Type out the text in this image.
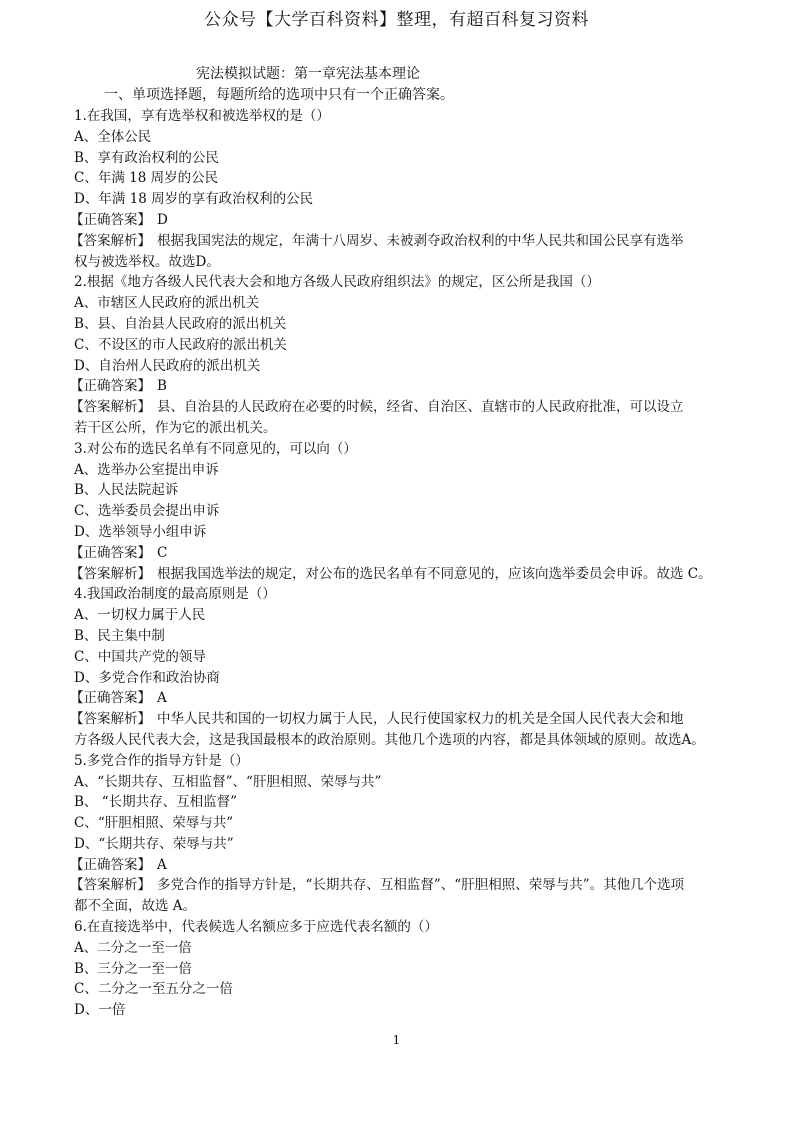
公众号【大学百科资料】整理，有超百科复习资料
宪法模拟试题：第一章宪法基本理论
一、单项选择题，每题所给的选项中只有一个正确答案。
1.在我国，享有选举权和被选举权的是（）
A、全体公民
B、享有政治权利的公民
C、年满 18 周岁的公民
D、年满 18 周岁的享有政治权利的公民
【正确答案】 D
【答案解析】 根据我国宪法的规定，年满十八周岁、未被剥夺政治权利的中华人民共和国公民享有选举
权与被选举权。故选D。
2.根据《地方各级人民代表大会和地方各级人民政府组织法》的规定，区公所是我国（）
A、市辖区人民政府的派出机关
B、县、自治县人民政府的派出机关
C、不设区的市人民政府的派出机关
D、自治州人民政府的派出机关
【正确答案】 B
【答案解析】 县、自治县的人民政府在必要的时候，经省、自治区、直辖市的人民政府批准，可以设立
若干区公所，作为它的派出机关。
3.对公布的选民名单有不同意见的，可以向（）
A、选举办公室提出申诉
B、人民法院起诉
C、选举委员会提出申诉
D、选举领导小组申诉
【正确答案】 C
【答案解析】 根据我国选举法的规定，对公布的选民名单有不同意见的，应该向选举委员会申诉。故选 C。
4.我国政治制度的最高原则是（）
A、一切权力属于人民
B、民主集中制
C、中国共产党的领导
D、多党合作和政治协商
【正确答案】 A
【答案解析】 中华人民共和国的一切权力属于人民，人民行使国家权力的机关是全国人民代表大会和地
方各级人民代表大会，这是我国最根本的政治原则。其他几个选项的内容，都是具体领域的原则。故选A。
5.多党合作的指导方针是（）
A、“长期共存、互相监督”、“肝胆相照、荣辱与共”
B、 “长期共存、互相监督”
C、“肝胆相照、荣辱与共”
D、“长期共存、荣辱与共”
【正确答案】 A
【答案解析】 多党合作的指导方针是，“长期共存、互相监督”、“肝胆相照、荣辱与共”。其他几个选项
都不全面，故选 A。
6.在直接选举中，代表候选人名额应多于应选代表名额的（）
A、二分之一至一倍
B、三分之一至一倍
C、二分之一至五分之一倍
D、一倍
1
